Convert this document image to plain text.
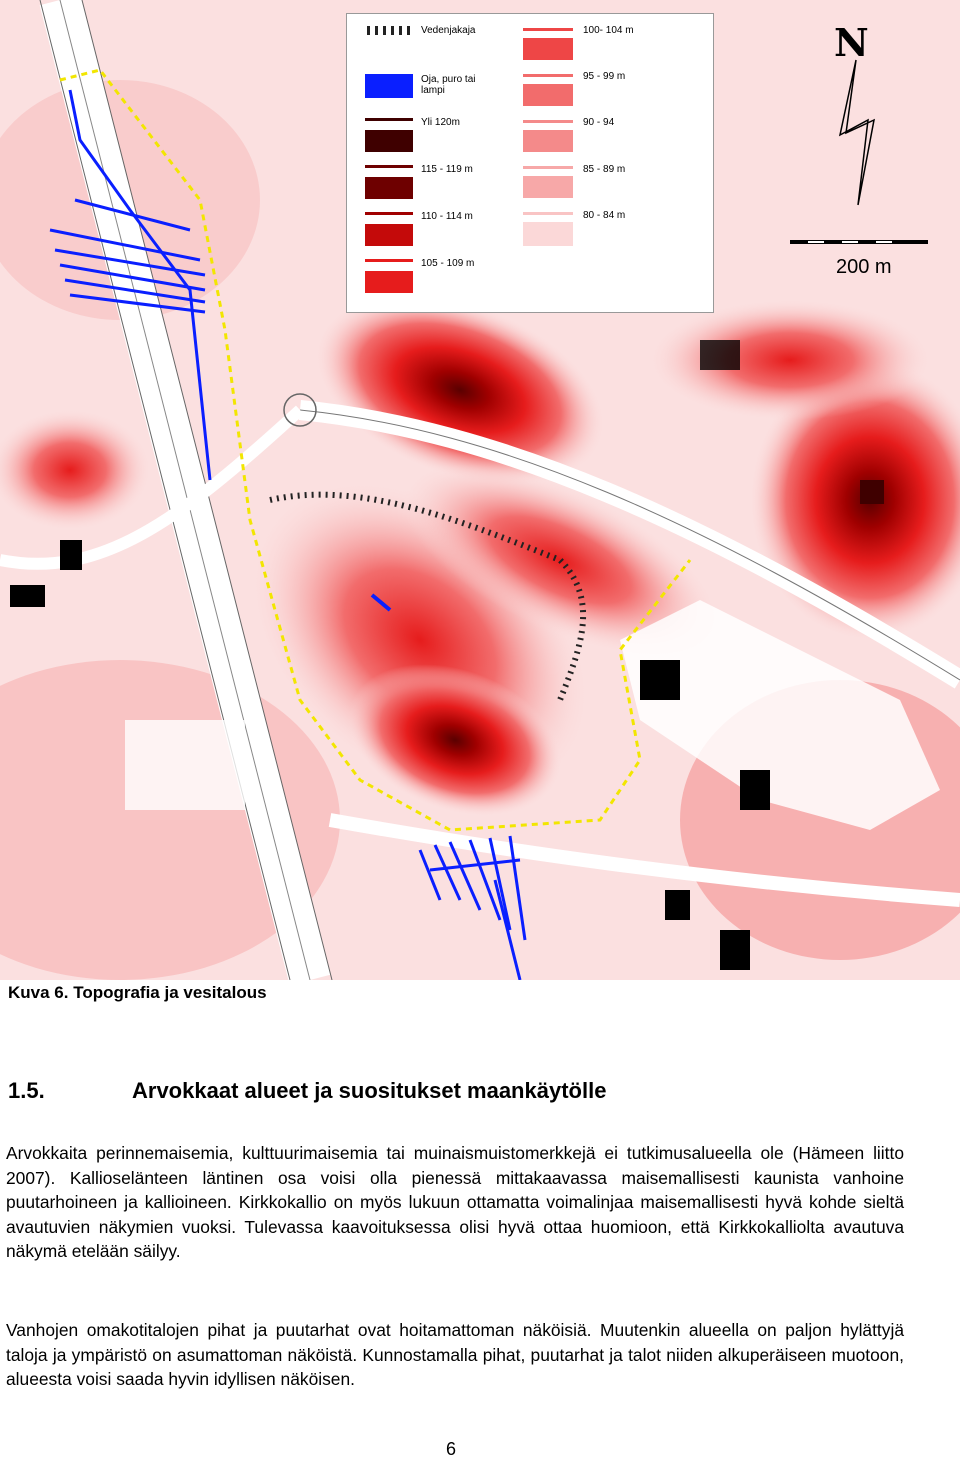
N
200 m
Vedenjakaja
Oja, puro tai lampi
Yli 120m
115 - 119 m
110 - 114 m
105 - 109 m
100- 104 m
95 - 99 m
90 - 94
85 - 89 m
80 - 84 m
Kuva 6. Topografia ja vesitalous
1.5.	Arvokkaat alueet ja suositukset maankäytölle

Arvokkaita perinnemaisemia, kulttuurimaisemia tai muinaismuistomerkkejä ei tutkimusalueella ole (Hämeen liitto 2007). Kallioselänteen läntinen osa voisi olla pienessä mittakaavassa maisemallisesti kaunista vanhoine puutarhoineen ja kallioineen. Kirkkokallio on myös lukuun ottamatta voimalinjaa maisemallisesti hyvä kohde sieltä avautuvien näkymien vuoksi. Tulevassa kaavoituksessa olisi hyvä ottaa huomioon, että Kirkkokalliolta avautuva näkymä etelään säilyy.

Vanhojen omakotitalojen pihat ja puutarhat ovat hoitamattoman näköisiä. Muutenkin alueella on paljon hylättyjä taloja ja ympäristö on asumattoman näköistä. Kunnostamalla pihat, puutarhat ja talot niiden alkuperäiseen muotoon, alueesta voisi saada hyvin idyllisen näköisen.

6
